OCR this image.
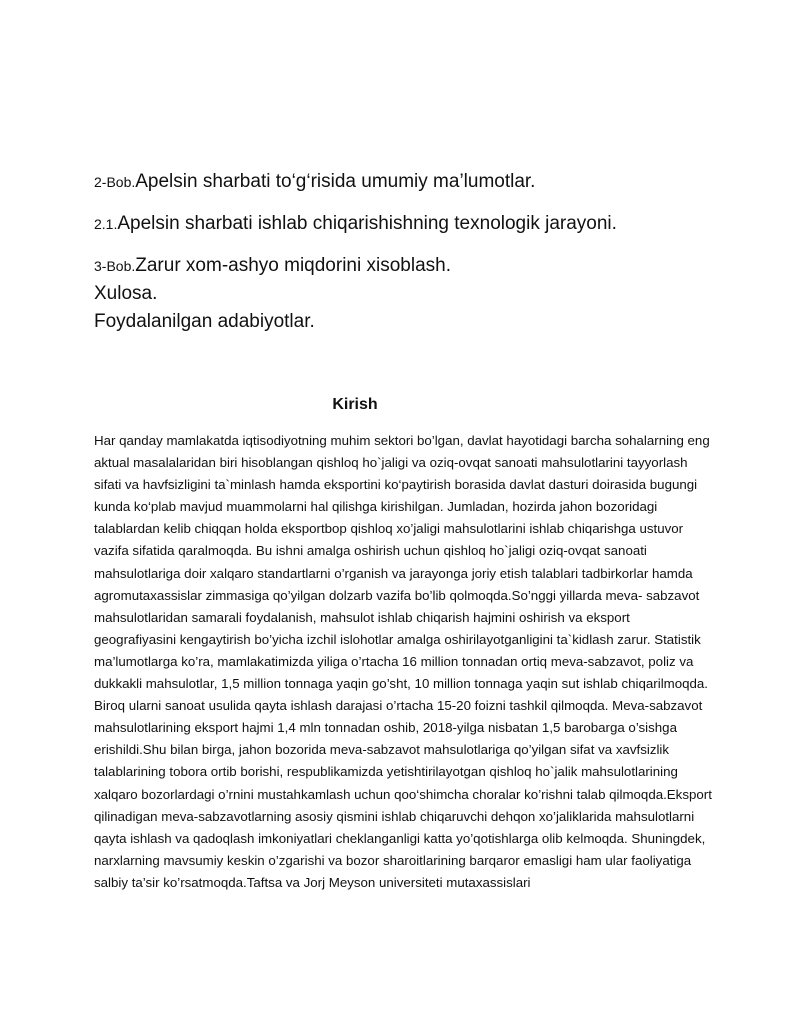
2-Bob.Apelsin sharbati to‘g‘risida umumiy ma’lumotlar.

2.1.Apelsin sharbati ishlab chiqarishishning texnologik jarayoni.

3-Bob.Zarur xom-ashyo miqdorini xisoblash.

Xulosa.

Foydalanilgan adabiyotlar.

Kirish

Har qanday mamlakatda iqtisodiyotning muhim sektori bo’lgan, davlat hayotidagi barcha sohalarning eng aktual masalalaridan biri hisoblangan qishloq ho`jaligi va oziq-ovqat sanoati mahsulotlarini tayyorlash sifati va havfsizligini ta`minlash hamda eksportini ko‘paytirish borasida davlat dasturi doirasida bugungi kunda ko‘plab mavjud muammolarni hal qilishga kirishilgan. Jumladan, hozirda jahon bozoridagi talablardan kelib chiqqan holda eksportbop qishloq xo’jaligi mahsulotlarini ishlab chiqarishga ustuvor vazifa sifatida qaralmoqda. Bu ishni amalga oshirish uchun qishloq ho`jaligi oziq-ovqat sanoati mahsulotlariga doir xalqaro standartlarni o’rganish va jarayonga joriy etish talablari tadbirkorlar hamda agromutaxassislar zimmasiga qo’yilgan dolzarb vazifa bo’lib qolmoqda.So’nggi yillarda meva- sabzavot mahsulotlaridan samarali foydalanish, mahsulot ishlab chiqarish hajmini oshirish va eksport geografiyasini kengaytirish bo’yicha izchil islohotlar amalga oshirilayotganligini ta`kidlash zarur. Statistik ma’lumotlarga ko’ra, mamlakatimizda yiliga o’rtacha 16 million tonnadan ortiq meva-sabzavot, poliz va dukkakli mahsulotlar, 1,5 million tonnaga yaqin go’sht, 10 million tonnaga yaqin sut ishlab chiqarilmoqda. Biroq ularni sanoat usulida qayta ishlash darajasi o’rtacha 15-20 foizni tashkil qilmoqda. Meva-sabzavot mahsulotlarining eksport hajmi 1,4 mln tonnadan oshib, 2018-yilga nisbatan 1,5 barobarga o’sishga erishildi.Shu bilan birga, jahon bozorida meva-sabzavot mahsulotlariga qo’yilgan sifat va xavfsizlik talablarining tobora ortib borishi, respublikamizda yetishtirilayotgan qishloq ho`jalik mahsulotlarining xalqaro bozorlardagi o’rnini mustahkamlash uchun qoo‘shimcha choralar ko’rishni talab qilmoqda.Eksport qilinadigan meva-sabzavotlarning asosiy qismini ishlab chiqaruvchi dehqon xo’jaliklarida mahsulotlarni qayta ishlash va qadoqlash imkoniyatlari cheklanganligi katta yo’qotishlarga olib kelmoqda. Shuningdek, narxlarning mavsumiy keskin o’zgarishi va bozor sharoitlarining barqaror emasligi ham ular faoliyatiga salbiy ta’sir ko’rsatmoqda.Taftsa va Jorj Meyson universiteti mutaxassislari
